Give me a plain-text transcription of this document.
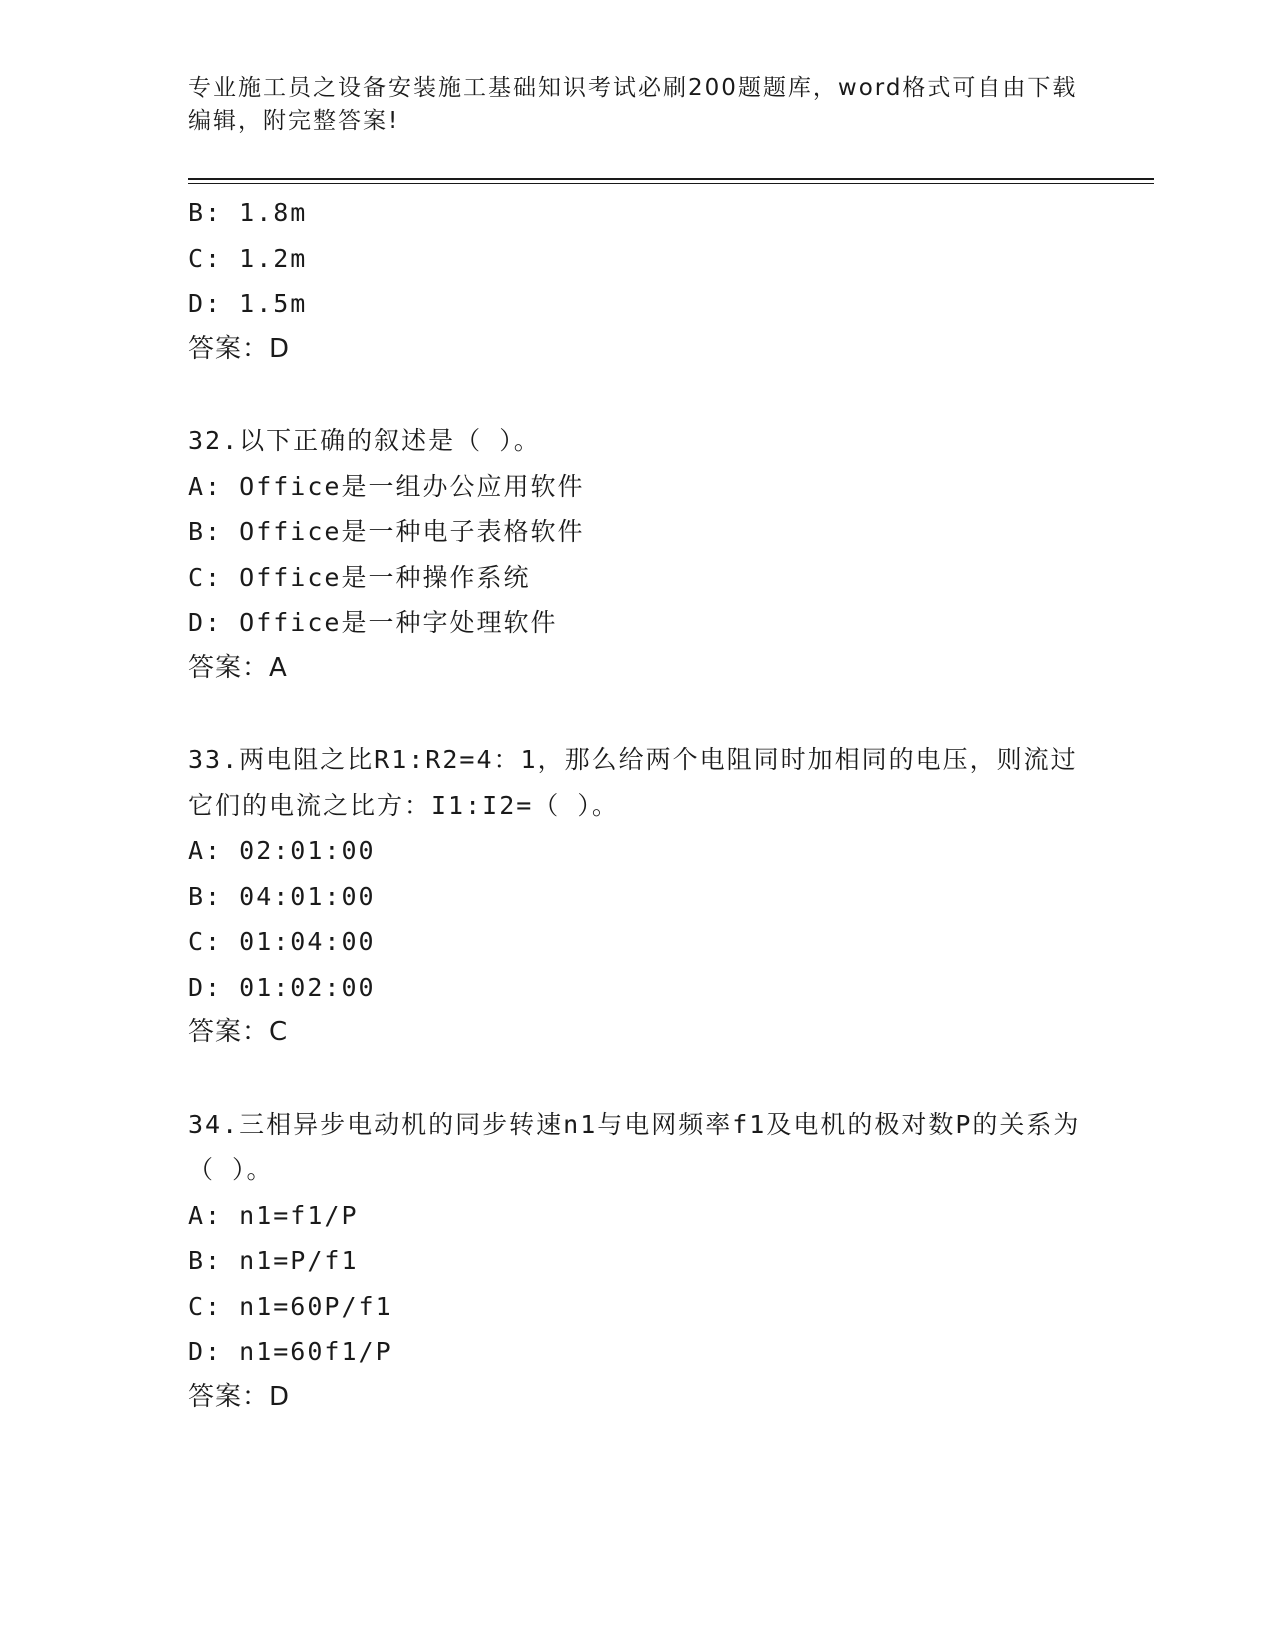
专业施工员之设备安装施工基础知识考试必刷200题题库，word格式可自由下载编辑，附完整答案!
B: 1.8m
C: 1.2m
D: 1.5m
答案：D
32.以下正确的叙述是（ ）。
A: Office是一组办公应用软件
B: Office是一种电子表格软件
C: Office是一种操作系统
D: Office是一种字处理软件
答案：A
33.两电阻之比R1:R2=4：1，那么给两个电阻同时加相同的电压，则流过它们的电流之比方：I1:I2=（ ）。
A: 02:01:00
B: 04:01:00
C: 01:04:00
D: 01:02:00
答案：C
34.三相异步电动机的同步转速n1与电网频率f1及电机的极对数P的关系为（ ）。
A: n1=f1/P
B: n1=P/f1
C: n1=60P/f1
D: n1=60f1/P
答案：D
